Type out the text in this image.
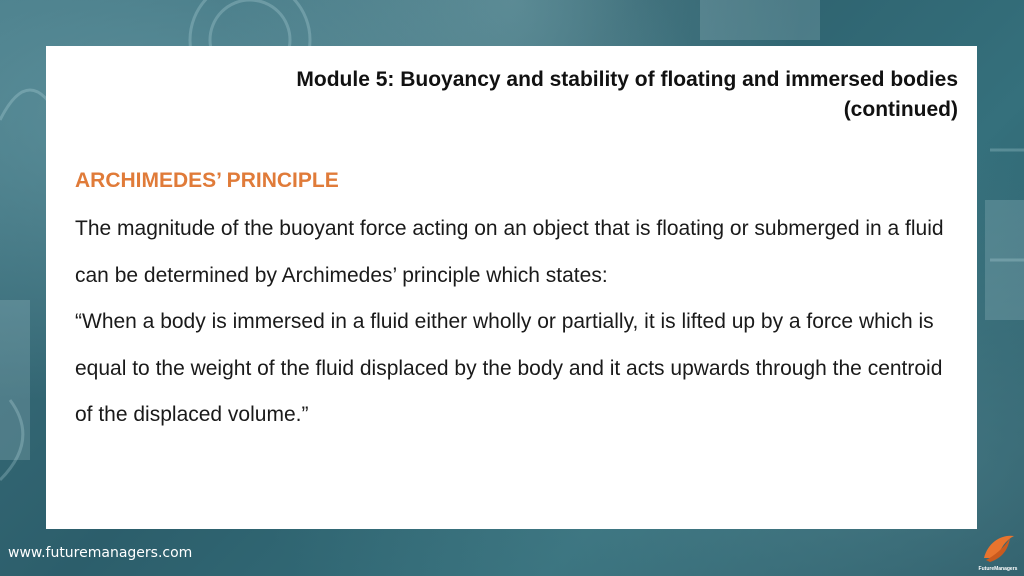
Module 5: Buoyancy and stability of floating and immersed bodies
(continued)
ARCHIMEDES’ PRINCIPLE

The magnitude of the buoyant force acting on an object that is floating or submerged in a fluid can be determined by Archimedes’ principle which states:

“When a body is immersed in a fluid either wholly or partially, it is lifted up by a force which is equal to the weight of the fluid displaced by the body and it acts upwards through the centroid of the displaced volume.”

www.futuremanagers.com
FutureManagers
